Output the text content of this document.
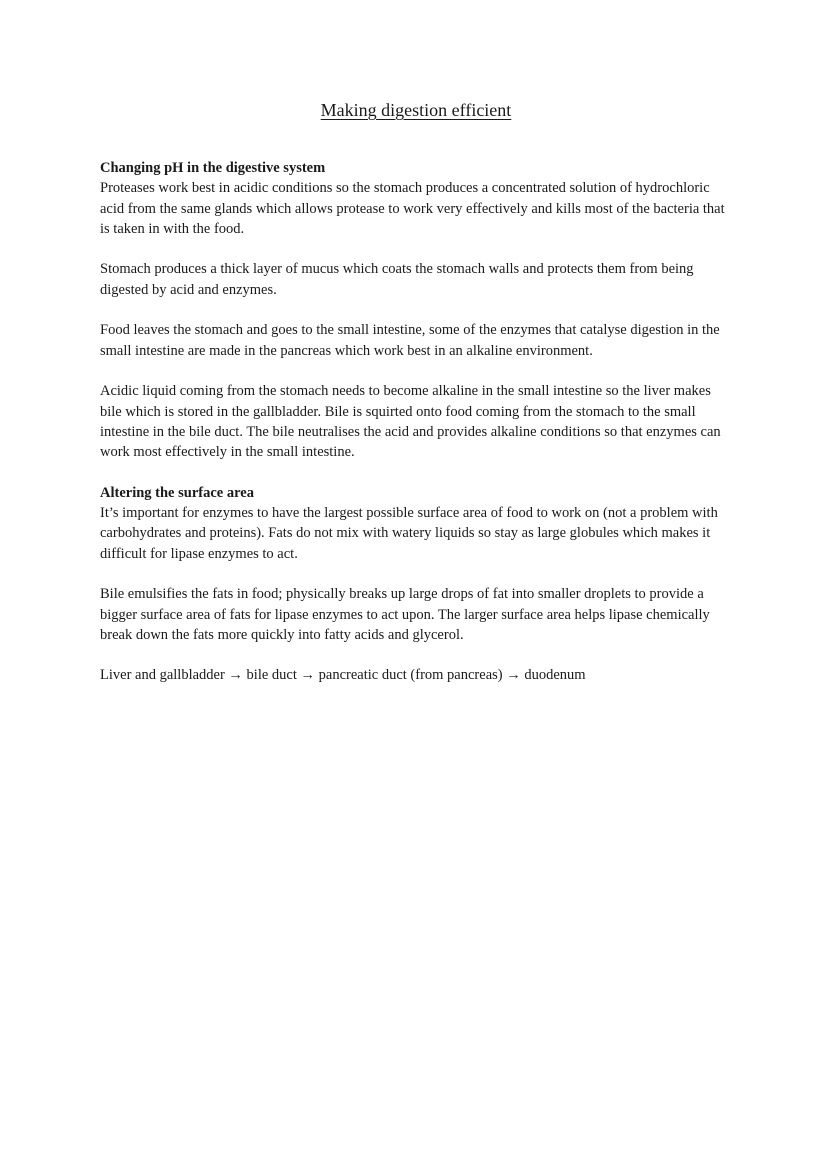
Making digestion efficient
Changing pH in the digestive system

Proteases work best in acidic conditions so the stomach produces a concentrated solution of hydrochloric acid from the same glands which allows protease to work very effectively and kills most of the bacteria that is taken in with the food.

Stomach produces a thick layer of mucus which coats the stomach walls and protects them from being digested by acid and enzymes.

Food leaves the stomach and goes to the small intestine, some of the enzymes that catalyse digestion in the small intestine are made in the pancreas which work best in an alkaline environment.

Acidic liquid coming from the stomach needs to become alkaline in the small intestine so the liver makes bile which is stored in the gallbladder. Bile is squirted onto food coming from the stomach to the small intestine in the bile duct. The bile neutralises the acid and provides alkaline conditions so that enzymes can work most effectively in the small intestine.

Altering the surface area

It’s important for enzymes to have the largest possible surface area of food to work on (not a problem with carbohydrates and proteins). Fats do not mix with watery liquids so stay as large globules which makes it difficult for lipase enzymes to act.

Bile emulsifies the fats in food; physically breaks up large drops of fat into smaller droplets to provide a bigger surface area of fats for lipase enzymes to act upon. The larger surface area helps lipase chemically break down the fats more quickly into fatty acids and glycerol.

Liver and gallbladder → bile duct → pancreatic duct (from pancreas) → duodenum
